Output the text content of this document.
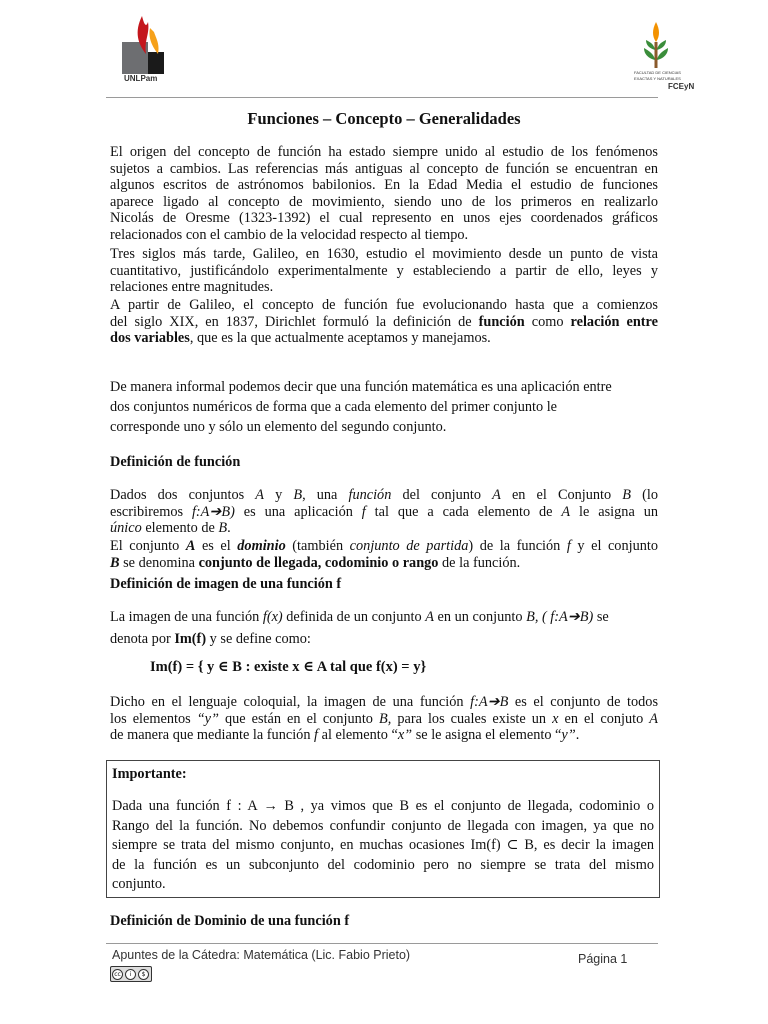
UNLPam
FACULTAD DE CIENCIAS
EXACTAS Y NATURALES
FCEyN
Funciones – Concepto – Generalidades
El origen del concepto de función ha estado siempre unido al estudio de los fenómenos
sujetos a cambios. Las referencias más antiguas al concepto de función se encuentran en
algunos escritos de astrónomos babilonios. En la Edad Media el estudio de funciones
aparece ligado al concepto de movimiento, siendo uno de los primeros en realizarlo
Nicolás de Oresme (1323-1392) el cual represento en unos ejes coordenados gráficos
relacionados con el cambio de la velocidad respecto al tiempo.
Tres siglos más tarde, Galileo, en 1630, estudio el movimiento desde un punto de vista
cuantitativo, justificándolo experimentalmente y estableciendo a partir de ello, leyes y
relaciones entre magnitudes.
A partir de Galileo, el concepto de función fue evolucionando hasta que a comienzos
del siglo XIX, en 1837, Dirichlet formuló la definición de función como relación entre
dos variables, que es la que actualmente aceptamos y manejamos.
De manera informal podemos decir que una función matemática es una aplicación entre
dos conjuntos numéricos de forma que a cada elemento del primer conjunto le
corresponde uno y sólo un elemento del segundo conjunto.
Definición de función
Dados dos conjuntos A y B, una función del conjunto A en el Conjunto B (lo
escribiremos f:A➔B) es una aplicación f tal que a cada elemento de A le asigna un
único elemento de B.
El conjunto A es el dominio (también conjunto de partida) de la función f y el conjunto
B se denomina conjunto de llegada, codominio o rango de la función.
Definición de imagen de una función f
La imagen de una función f(x) definida de un conjunto A en un conjunto B, ( f:A➔B) se
denota por Im(f) y se define como:
Im(f) = { y ∈ B : existe x ∈ A tal que f(x) = y}
Dicho en el lenguaje coloquial, la imagen de una función f:A➔B es el conjunto de todos
los elementos “y” que están en el conjunto B, para los cuales existe un x en el conjuto A
de manera que mediante la función f al elemento “x” se le asigna el elemento “y”.
Importante:
Dada una función f : A → B , ya vimos que B es el conjunto de llegada, codominio o
Rango del la función. No debemos confundir conjunto de llegada con imagen, ya que no
siempre se trata del mismo conjunto, en muchas ocasiones Im(f) ⊂ B, es decir la imagen
de la función es un subconjunto del codominio pero no siempre se trata del mismo
conjunto.
Definición de Dominio de una función f
Apuntes de la Cátedra: Matemática (Lic. Fabio Prieto)	Página 1
cc	i	$
